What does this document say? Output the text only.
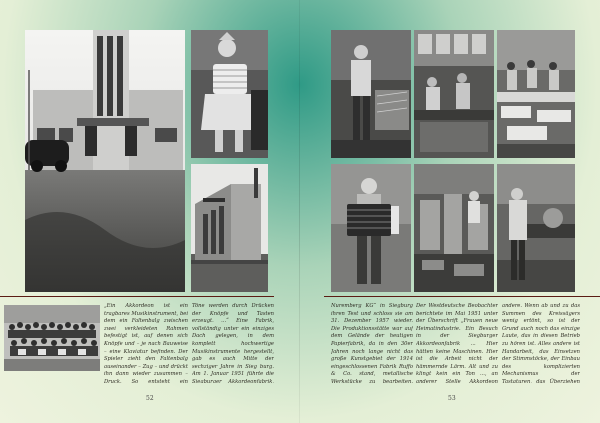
„Ein Akkordeon ist ein tragbares Musikinstrument, bei dem ein Faltenbalg zwischen zwei verkleideten Rahmen befestigt ist, auf denen sich Knöpfe und – je nach Bauweise – eine Klaviatur befinden. Der Spieler zieht den Faltenbalg auseinander – Zug – und drückt ihn dann wieder zusammen – Druck. So entsteht ein
Töne werden durch Drücken der Knöpfe und Tasten erzeugt. ...“ Eine Fabrik, vollständig unter ein einziges Dach gelegen, in dem komplett hochwertige Musikinstrumente hergestellt, gab es auch Mitte der sechziger Jahre in Sieg burg. Am 1. Januar 1951 führte die Siegburger Akkordeonfabrik,
52
Nuremberg KG“ in Siegburg ihren Test und schloss sie am 31. Dezember 1957 wieder. Die Produktionsstätte war auf dem Gelände der heutigen Papierfabrik, da in den 30er Jahren noch lange nicht das große Kunstgebiet der 1914 eingeschlossenen Fabrik Ruffo & Co. stand, metallische Werkstücke zu bearbeiten.
Der Westdeutsche Beobachter berichtete im Mai 1951 unter der Überschrift „Frauen neue Heimatindustrie. Ein Besuch in der Siegburger Akkordeonfabrik ... Hier hätten keine Maschinen. Hier ist die Arbeit nicht der hämmernde Lärm. Alt und zu klingt kein ein Ton ..., an anderer Stelle Akkordeon
andere. Wenn ab und zu das Summen des Kreissägers wenig ertönt, so ist der Grund auch noch das einzige Laute, das in diesen Betrieb zu hören ist. Alles andere ist Handarbeit, das Einsetzen der Stimmstöcke, der Einbau des komplizierten Mechanismus der Tastaturen, das Überziehen
53
